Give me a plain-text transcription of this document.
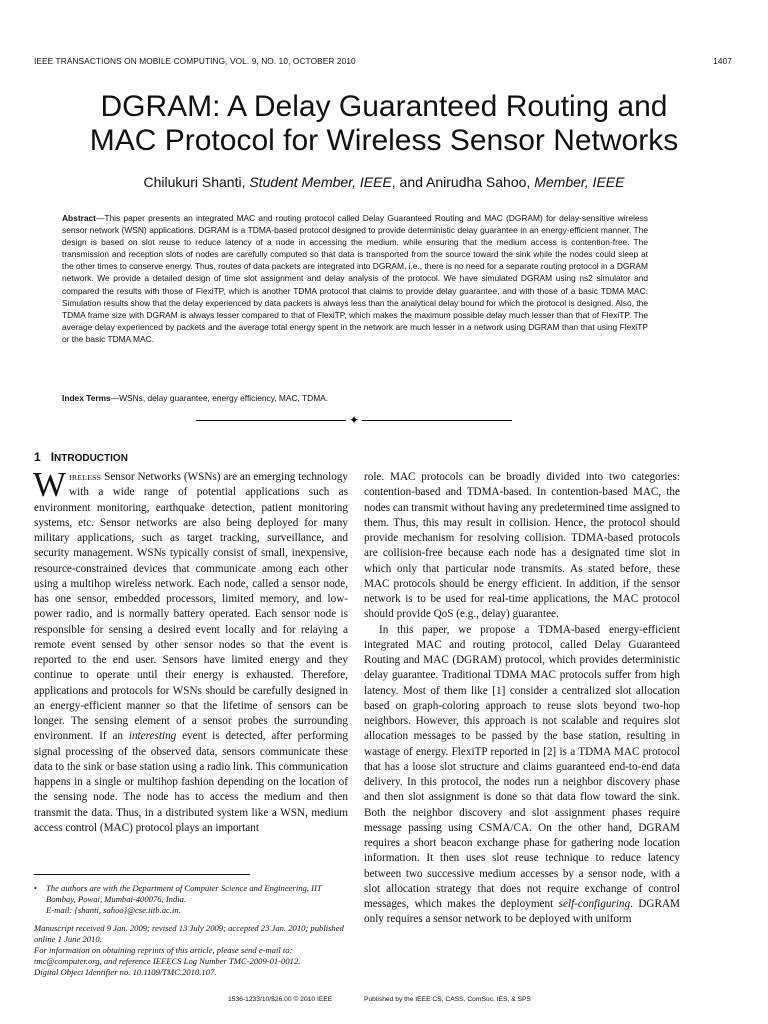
IEEE TRANSACTIONS ON MOBILE COMPUTING, VOL. 9, NO. 10, OCTOBER 2010	1407
DGRAM: A Delay Guaranteed Routing and
MAC Protocol for Wireless Sensor Networks
Chilukuri Shanti, Student Member, IEEE, and Anirudha Sahoo, Member, IEEE

Abstract—This paper presents an integrated MAC and routing protocol called Delay Guaranteed Routing and MAC (DGRAM) for delay-sensitive wireless sensor network (WSN) applications. DGRAM is a TDMA-based protocol designed to provide deterministic delay guarantee in an energy-efficient manner. The design is based on slot reuse to reduce latency of a node in accessing the medium, while ensuring that the medium access is contention-free. The transmission and reception slots of nodes are carefully computed so that data is transported from the source toward the sink while the nodes could sleep at the other times to conserve energy. Thus, routes of data packets are integrated into DGRAM, i.e., there is no need for a separate routing protocol in a DGRAM network. We provide a detailed design of time slot assignment and delay analysis of the protocol. We have simulated DGRAM using ns2 simulator and compared the results with those of FlexiTP, which is another TDMA protocol that claims to provide delay guarantee, and with those of a basic TDMA MAC. Simulation results show that the delay experienced by data packets is always less than the analytical delay bound for which the protocol is designed. Also, the TDMA frame size with DGRAM is always lesser compared to that of FlexiTP, which makes the maximum possible delay much lesser than that of FlexiTP. The average delay experienced by packets and the average total energy spent in the network are much lesser in a network using DGRAM than that using FlexiTP or the basic TDMA MAC.

Index Terms—WSNs, delay guarantee, energy efficiency, MAC, TDMA.

✦
1 INTRODUCTION

WIRELESS Sensor Networks (WSNs) are an emerging technology with a wide range of potential applications such as environment monitoring, earthquake detection, patient monitoring systems, etc. Sensor networks are also being deployed for many military applications, such as target tracking, surveillance, and security management. WSNs typically consist of small, inexpensive, resource-constrained devices that communicate among each other using a multihop wireless network. Each node, called a sensor node, has one sensor, embedded processors, limited memory, and low-power radio, and is normally battery operated. Each sensor node is responsible for sensing a desired event locally and for relaying a remote event sensed by other sensor nodes so that the event is reported to the end user. Sensors have limited energy and they continue to operate until their energy is exhausted. Therefore, applications and protocols for WSNs should be carefully designed in an energy-efficient manner so that the lifetime of sensors can be longer. The sensing element of a sensor probes the surrounding environment. If an interesting event is detected, after performing signal processing of the observed data, sensors communicate these data to the sink or base station using a radio link. This communication happens in a single or multihop fashion depending on the location of the sensing node. The node has to access the medium and then transmit the data. Thus, in a distributed system like a WSN, medium access control (MAC) protocol plays an important

role. MAC protocols can be broadly divided into two categories: contention-based and TDMA-based. In contention-based MAC, the nodes can transmit without having any predetermined time assigned to them. Thus, this may result in collision. Hence, the protocol should provide mechanism for resolving collision. TDMA-based protocols are collision-free because each node has a designated time slot in which only that particular node transmits. As stated before, these MAC protocols should be energy efficient. In addition, if the sensor network is to be used for real-time applications, the MAC protocol should provide QoS (e.g., delay) guarantee.

In this paper, we propose a TDMA-based energy-efficient integrated MAC and routing protocol, called Delay Guaranteed Routing and MAC (DGRAM) protocol, which provides deterministic delay guarantee. Traditional TDMA MAC protocols suffer from high latency. Most of them like [1] consider a centralized slot allocation based on graph-coloring approach to reuse slots beyond two-hop neighbors. However, this approach is not scalable and requires slot allocation messages to be passed by the base station, resulting in wastage of energy. FlexiTP reported in [2] is a TDMA MAC protocol that has a loose slot structure and claims guaranteed end-to-end data delivery. In this protocol, the nodes run a neighbor discovery phase and then slot assignment is done so that data flow toward the sink. Both the neighbor discovery and slot assignment phases require message passing using CSMA/CA. On the other hand, DGRAM requires a short beacon exchange phase for gathering node location information. It then uses slot reuse technique to reduce latency between two successive medium accesses by a sensor node, with a slot allocation strategy that does not require exchange of control messages, which makes the deployment self-configuring. DGRAM only requires a sensor network to be deployed with uniform

• The authors are with the Department of Computer Science and Engineering, IIT Bombay, Powai, Mumbai-400076, India.
E-mail: {shanti, sahoo}@cse.iitb.ac.in.

Manuscript received 9 Jan. 2009; revised 13 July 2009; accepted 23 Jan. 2010; published online 1 June 2010.

For information on obtaining reprints of this article, please send e-mail to: tmc@computer.org, and reference IEEECS Log Number TMC-2009-01-0012.

Digital Object Identifier no. 10.1109/TMC.2010.107.

1536-1233/10/$26.00 © 2010 IEEE	Published by the IEEE CS, CASS, ComSoc, IES, & SPS
